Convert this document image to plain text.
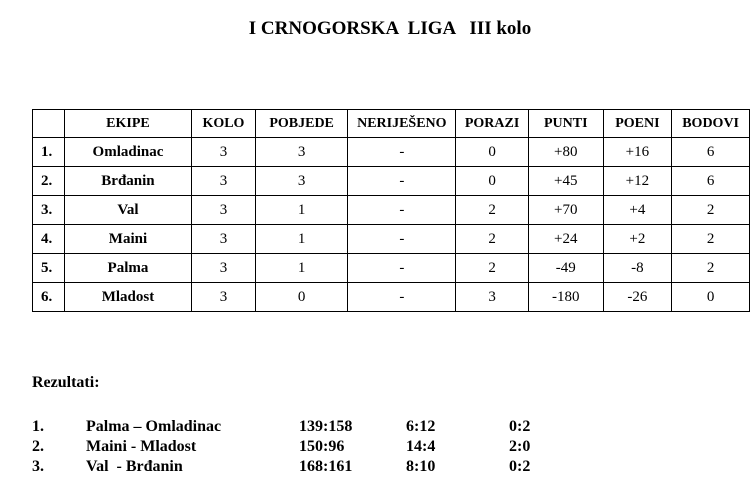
I CRNOGORSKA  LIGA   III kolo
	EKIPE	KOLO	POBJEDE	NERIJEŠENO	PORAZI	PUNTI	POENI	BODOVI
1.	Omladinac	3	3	-	0	+80	+16	6
2.	Brđanin	3	3	-	0	+45	+12	6
3.	Val	3	1	-	2	+70	+4	2
4.	Maini	3	1	-	2	+24	+2	2
5.	Palma	3	1	-	2	-49	-8	2
6.	Mladost	3	0	-	3	-180	-26	0
Rezultati:
1.	Palma – Omladinac	139:158	6:12	0:2
2.	Maini - Mladost	150:96	14:4	2:0
3.	Val  - Brđanin	168:161	8:10	0:2
